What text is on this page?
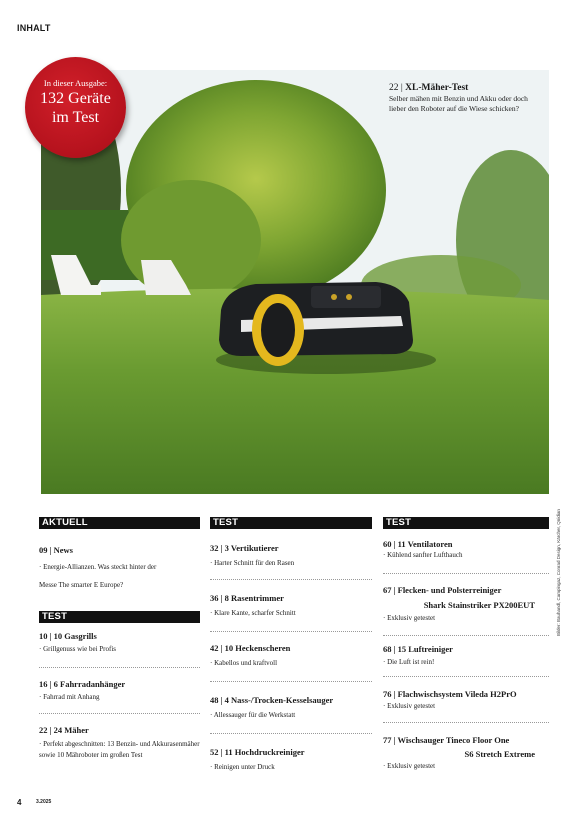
INHALT
In dieser Ausgabe:
132 Geräte
im Test
22 | XL-Mäher-Test
Selber mähen mit Benzin und Akku oder doch lieber den Roboter auf die Wiese schicken?
Bilder: Bauhandl, Campingaz, Conrad Design, Kärcher, Qnidian
AKTUELL
09 | News
· Energie-Allianzen. Was steckt hinter der
Messe The smarter E Europe?
TEST
10 | 10 Gasgrills
· Grillgenuss wie bei Profis
16 | 6 Fahrradanhänger
· Fahrrad mit Anhang
22 | 24 Mäher
· Perfekt abgeschnitten: 13 Benzin- und Akkurasenmäher sowie 10 Mähroboter im großen Test
TEST
32 | 3 Vertikutierer
· Harter Schnitt für den Rasen
36 | 8 Rasentrimmer
· Klare Kante, scharfer Schnitt
42 | 10 Heckenscheren
· Kabellos und kraftvoll
48 | 4 Nass-/Trocken-Kesselsauger
· Allessauger für die Werkstatt
52 | 11 Hochdruckreiniger
· Reinigen unter Druck
TEST
60 | 11 Ventilatoren
· Kühlend sanfter Lufthauch
67 | Flecken- und Polsterreiniger
Shark Stainstriker PX200EUT
· Exklusiv getestet
68 | 15 Luftreiniger
· Die Luft ist rein!
76 | Flachwischsystem Vileda H2PrO
· Exklusiv getestet
77 | Wischsauger Tineco Floor One
S6 Stretch Extreme
· Exklusiv getestet
4	3.2025
